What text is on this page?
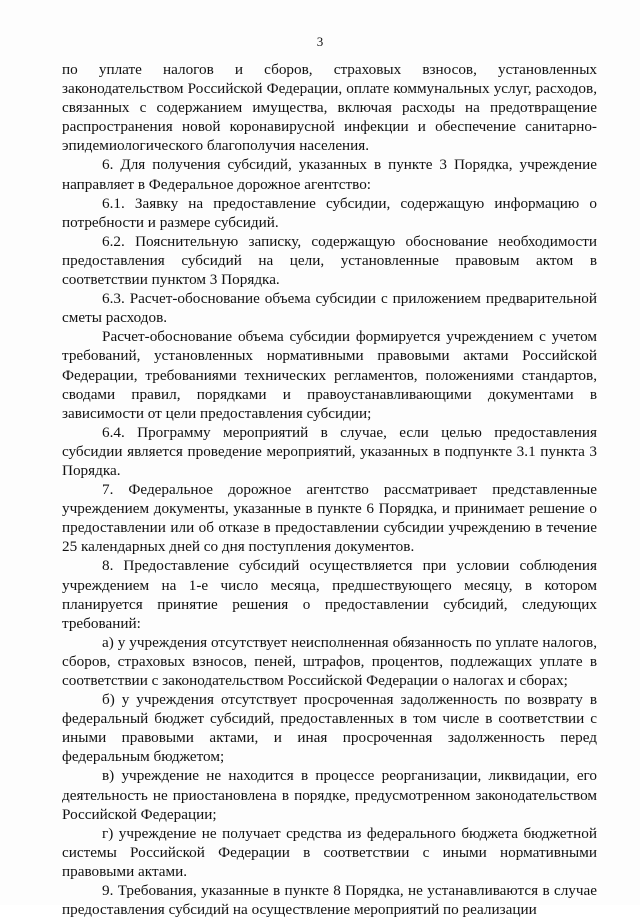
3

по уплате налогов и сборов, страховых взносов, установленных законодательством Российской Федерации, оплате коммунальных услуг, расходов, связанных с содержанием имущества, включая расходы на предотвращение распространения новой коронавирусной инфекции и обеспечение санитарно-эпидемиологического благополучия населения.

6. Для получения субсидий, указанных в пункте 3 Порядка, учреждение направляет в Федеральное дорожное агентство:

6.1. Заявку на предоставление субсидии, содержащую информацию о потребности и размере субсидий.

6.2. Пояснительную записку, содержащую обоснование необходимости предоставления субсидий на цели, установленные правовым актом в соответствии пунктом 3 Порядка.

6.3. Расчет-обоснование объема субсидии с приложением предварительной сметы расходов.

Расчет-обоснование объема субсидии формируется учреждением с учетом требований, установленных нормативными правовыми актами Российской Федерации, требованиями технических регламентов, положениями стандартов, сводами правил, порядками и правоустанавливающими документами в зависимости от цели предоставления субсидии;

6.4. Программу мероприятий в случае, если целью предоставления субсидии является проведение мероприятий, указанных в подпункте 3.1 пункта 3 Порядка.

7. Федеральное дорожное агентство рассматривает представленные учреждением документы, указанные в пункте 6 Порядка, и принимает решение о предоставлении или об отказе в предоставлении субсидии учреждению в течение 25 календарных дней со дня поступления документов.

8. Предоставление субсидий осуществляется при условии соблюдения учреждением на 1-е число месяца, предшествующего месяцу, в котором планируется принятие решения о предоставлении субсидий, следующих требований:

а) у учреждения отсутствует неисполненная обязанность по уплате налогов, сборов, страховых взносов, пеней, штрафов, процентов, подлежащих уплате в соответствии с законодательством Российской Федерации о налогах и сборах;

б) у учреждения отсутствует просроченная задолженность по возврату в федеральный бюджет субсидий, предоставленных в том числе в соответствии с иными правовыми актами, и иная просроченная задолженность перед федеральным бюджетом;

в) учреждение не находится в процессе реорганизации, ликвидации, его деятельность не приостановлена в порядке, предусмотренном законодательством Российской Федерации;

г) учреждение не получает средства из федерального бюджета бюджетной системы Российской Федерации в соответствии с иными нормативными правовыми актами.

9. Требования, указанные в пункте 8 Порядка, не устанавливаются в случае предоставления субсидий на осуществление мероприятий по реализации
